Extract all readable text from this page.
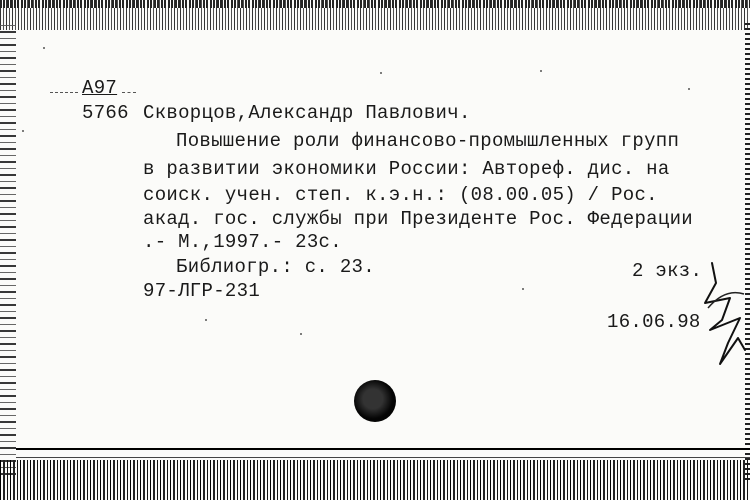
А97
5766 Скворцов,Александр Павлович.
Повышение роли финансово-промышленных групп
в развитии экономики России: Автореф. дис. на
соиск. учен. степ. к.э.н.: (08.00.05) / Рос.
акад. гос. службы при Президенте Рос. Федерации
.- М.,1997.- 23с.
Библиогр.: с. 23.	2 экз.
97-ЛГР-231
16.06.98
